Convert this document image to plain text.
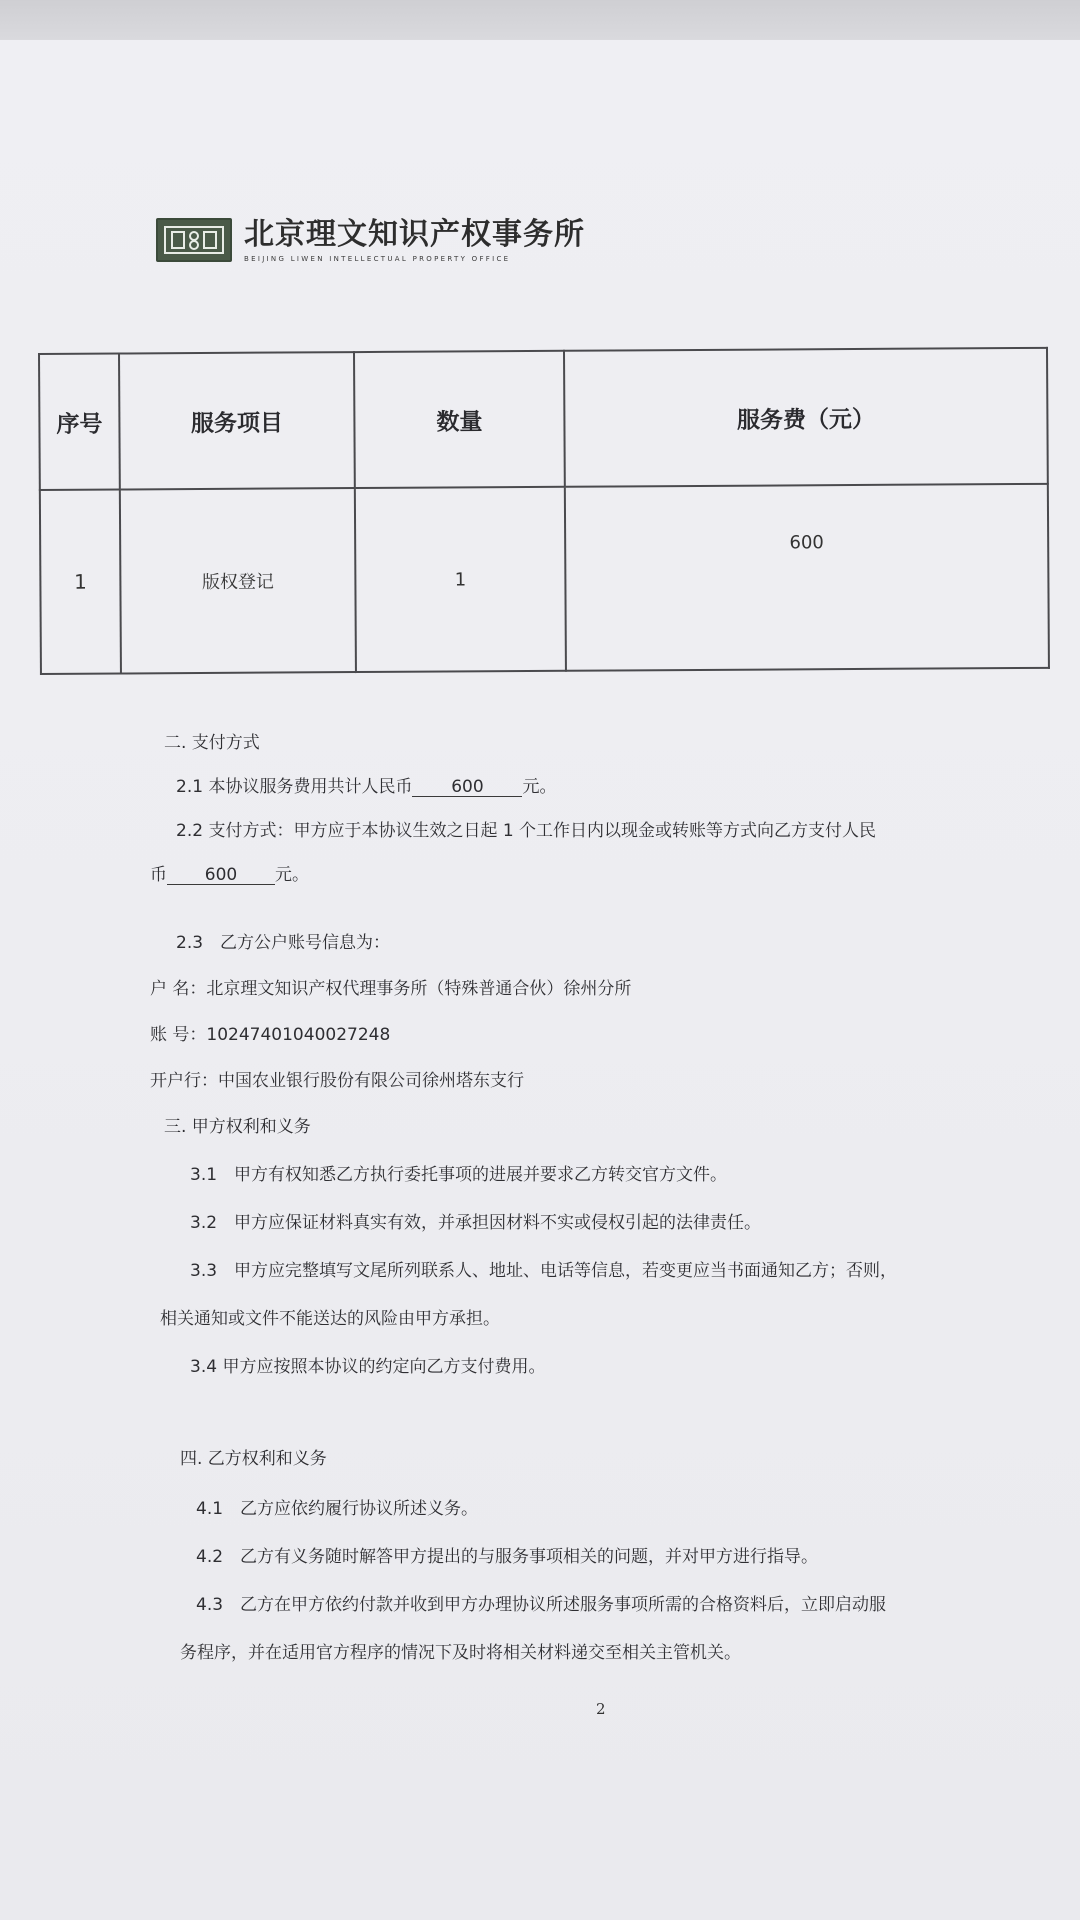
北京理文知识产权事务所
BEIJING LIWEN INTELLECTUAL PROPERTY OFFICE
序号	服务项目	数量	服务费（元）
1	版权登记	1	600
二. 支付方式
2.1 本协议服务费用共计人民币 600 元。
2.2 支付方式：甲方应于本协议生效之日起 1 个工作日内以现金或转账等方式向乙方支付人民
币 600 元。
2.3　乙方公户账号信息为：
户 名：北京理文知识产权代理事务所（特殊普通合伙）徐州分所
账 号：10247401040027248
开户行：中国农业银行股份有限公司徐州塔东支行
三. 甲方权利和义务
3.1　甲方有权知悉乙方执行委托事项的进展并要求乙方转交官方文件。
3.2　甲方应保证材料真实有效，并承担因材料不实或侵权引起的法律责任。
3.3　甲方应完整填写文尾所列联系人、地址、电话等信息，若变更应当书面通知乙方；否则，
相关通知或文件不能送达的风险由甲方承担。
3.4 甲方应按照本协议的约定向乙方支付费用。
四. 乙方权利和义务
4.1　乙方应依约履行协议所述义务。
4.2　乙方有义务随时解答甲方提出的与服务事项相关的问题，并对甲方进行指导。
4.3　乙方在甲方依约付款并收到甲方办理协议所述服务事项所需的合格资料后，立即启动服
务程序，并在适用官方程序的情况下及时将相关材料递交至相关主管机关。
2
